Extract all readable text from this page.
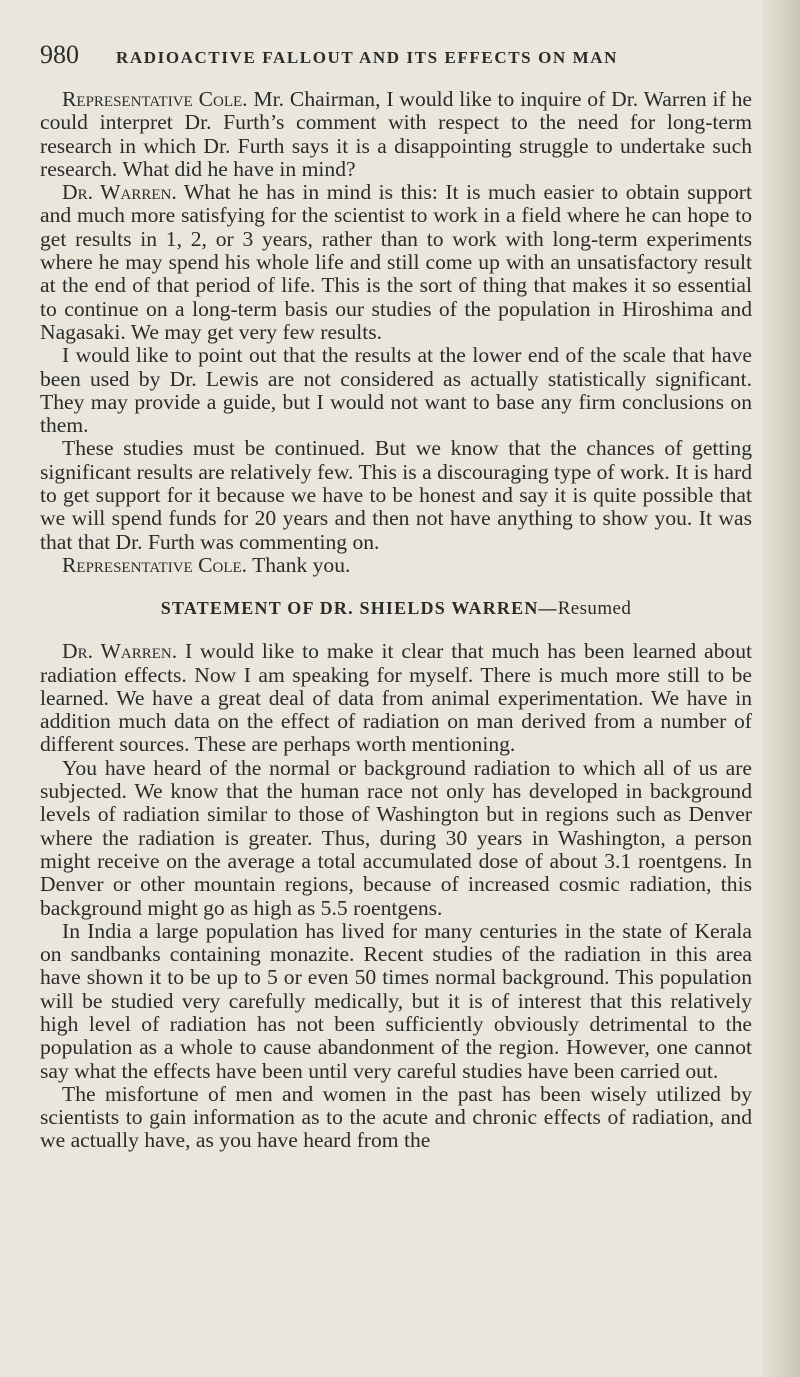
980	RADIOACTIVE FALLOUT AND ITS EFFECTS ON MAN

Representative Cole. Mr. Chairman, I would like to inquire of Dr. Warren if he could interpret Dr. Furth’s comment with respect to the need for long-term research in which Dr. Furth says it is a disappointing struggle to undertake such research. What did he have in mind?

Dr. Warren. What he has in mind is this: It is much easier to obtain support and much more satisfying for the scientist to work in a field where he can hope to get results in 1, 2, or 3 years, rather than to work with long-term experiments where he may spend his whole life and still come up with an unsatisfactory result at the end of that period of life. This is the sort of thing that makes it so essential to continue on a long-term basis our studies of the population in Hiroshima and Nagasaki. We may get very few results.

I would like to point out that the results at the lower end of the scale that have been used by Dr. Lewis are not considered as actually statistically significant. They may provide a guide, but I would not want to base any firm conclusions on them.

These studies must be continued. But we know that the chances of getting significant results are relatively few. This is a discouraging type of work. It is hard to get support for it because we have to be honest and say it is quite possible that we will spend funds for 20 years and then not have anything to show you. It was that that Dr. Furth was commenting on.

Representative Cole. Thank you.

STATEMENT OF DR. SHIELDS WARREN—Resumed

Dr. Warren. I would like to make it clear that much has been learned about radiation effects. Now I am speaking for myself. There is much more still to be learned. We have a great deal of data from animal experimentation. We have in addition much data on the effect of radiation on man derived from a number of different sources. These are perhaps worth mentioning.

You have heard of the normal or background radiation to which all of us are subjected. We know that the human race not only has developed in background levels of radiation similar to those of Washington but in regions such as Denver where the radiation is greater. Thus, during 30 years in Washington, a person might receive on the average a total accumulated dose of about 3.1 roentgens. In Denver or other mountain regions, because of increased cosmic radiation, this background might go as high as 5.5 roentgens.

In India a large population has lived for many centuries in the state of Kerala on sandbanks containing monazite. Recent studies of the radiation in this area have shown it to be up to 5 or even 50 times normal background. This population will be studied very carefully medically, but it is of interest that this relatively high level of radiation has not been sufficiently obviously detrimental to the population as a whole to cause abandonment of the region. However, one cannot say what the effects have been until very careful studies have been carried out.

The misfortune of men and women in the past has been wisely utilized by scientists to gain information as to the acute and chronic effects of radiation, and we actually have, as you have heard from the
